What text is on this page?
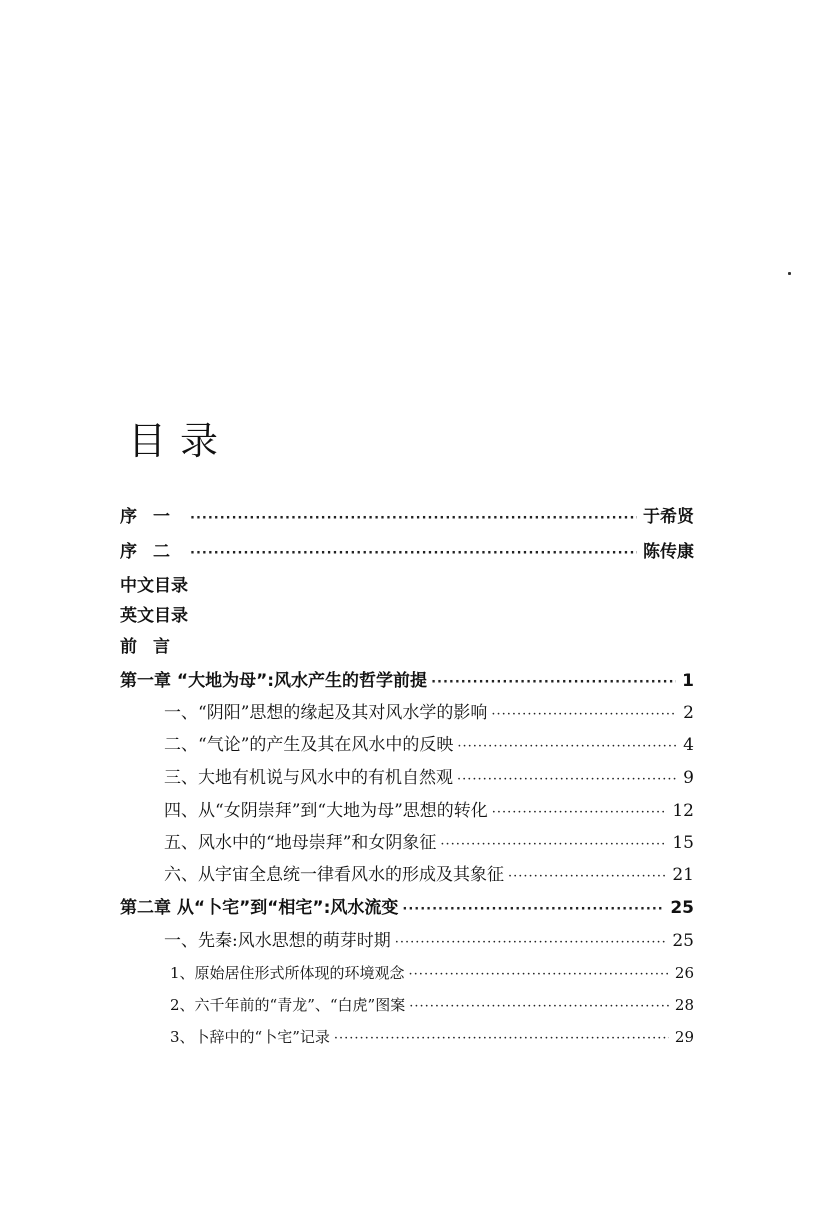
目录
序一 ·····	于希贤
序二 ·····	陈传康
中文目录
英文目录
前言
第一章 “大地为母”:风水产生的哲学前提 ·····	1
一、“阴阳”思想的缘起及其对风水学的影响 ·····	2
二、“气论”的产生及其在风水中的反映 ·····	4
三、大地有机说与风水中的有机自然观 ·····	9
四、从“女阴崇拜”到“大地为母”思想的转化 ·····	12
五、风水中的“地母崇拜”和女阴象征 ·····	15
六、从宇宙全息统一律看风水的形成及其象征 ·····	21
第二章 从“卜宅”到“相宅”:风水流变 ·····	25
一、先秦:风水思想的萌芽时期 ·····	25
1、原始居住形式所体现的环境观念 ·····	26
2、六千年前的“青龙”、“白虎”图案 ·····	28
3、卜辞中的“卜宅”记录 ·····	29
